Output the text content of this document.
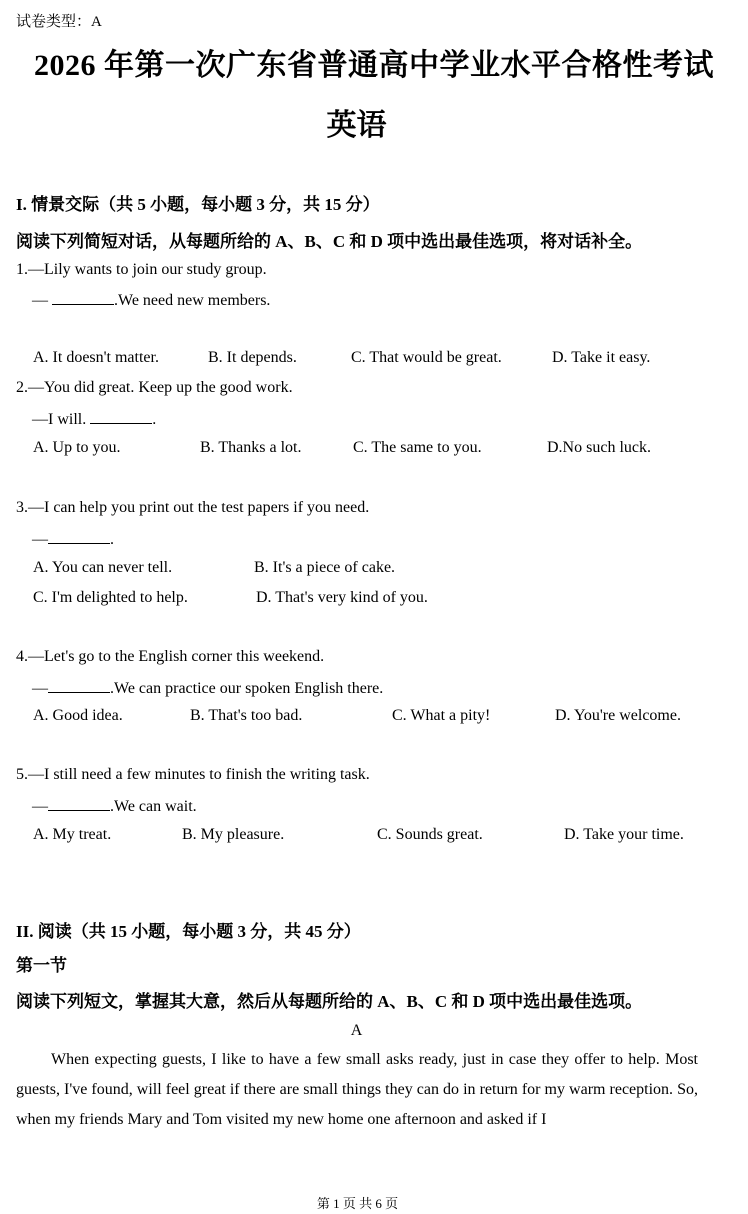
试卷类型：A
2026 年第一次广东省普通高中学业水平合格性考试
英语
I. 情景交际（共 5 小题，每小题 3 分，共 15 分）
阅读下列简短对话，从每题所给的 A、B、C 和 D 项中选出最佳选项，将对话补全。
1.—Lily wants to join our study group.
—	.We need new members.
A. It doesn't matter.	B. It depends.	C. That would be great.	D. Take it easy.
2.—You did great. Keep up the good work.
—I will.	.
A. Up to you.	B. Thanks a lot.	C. The same to you.	D.No such luck.
3.—I can help you print out the test papers if you need.
—	.
A. You can never tell.	B. It's a piece of cake.
C. I'm delighted to help.	D. That's very kind of you.
4.—Let's go to the English corner this weekend.
—	.We can practice our spoken English there.
A. Good idea.	B. That's too bad.	C. What a pity!	D. You're welcome.
5.—I still need a few minutes to finish the writing task.
—	.We can wait.
A. My treat.	B. My pleasure.	C. Sounds great.	D. Take your time.
II. 阅读（共 15 小题，每小题 3 分，共 45 分）
第一节
阅读下列短文，掌握其大意，然后从每题所给的 A、B、C 和 D 项中选出最佳选项。
A
When expecting guests, I like to have a few small asks ready, just in case they offer to help. Most guests, I've found, will feel great if there are small things they can do in return for my warm reception. So, when my friends Mary and Tom visited my new home one afternoon and asked if I
第 1 页 共 6 页
